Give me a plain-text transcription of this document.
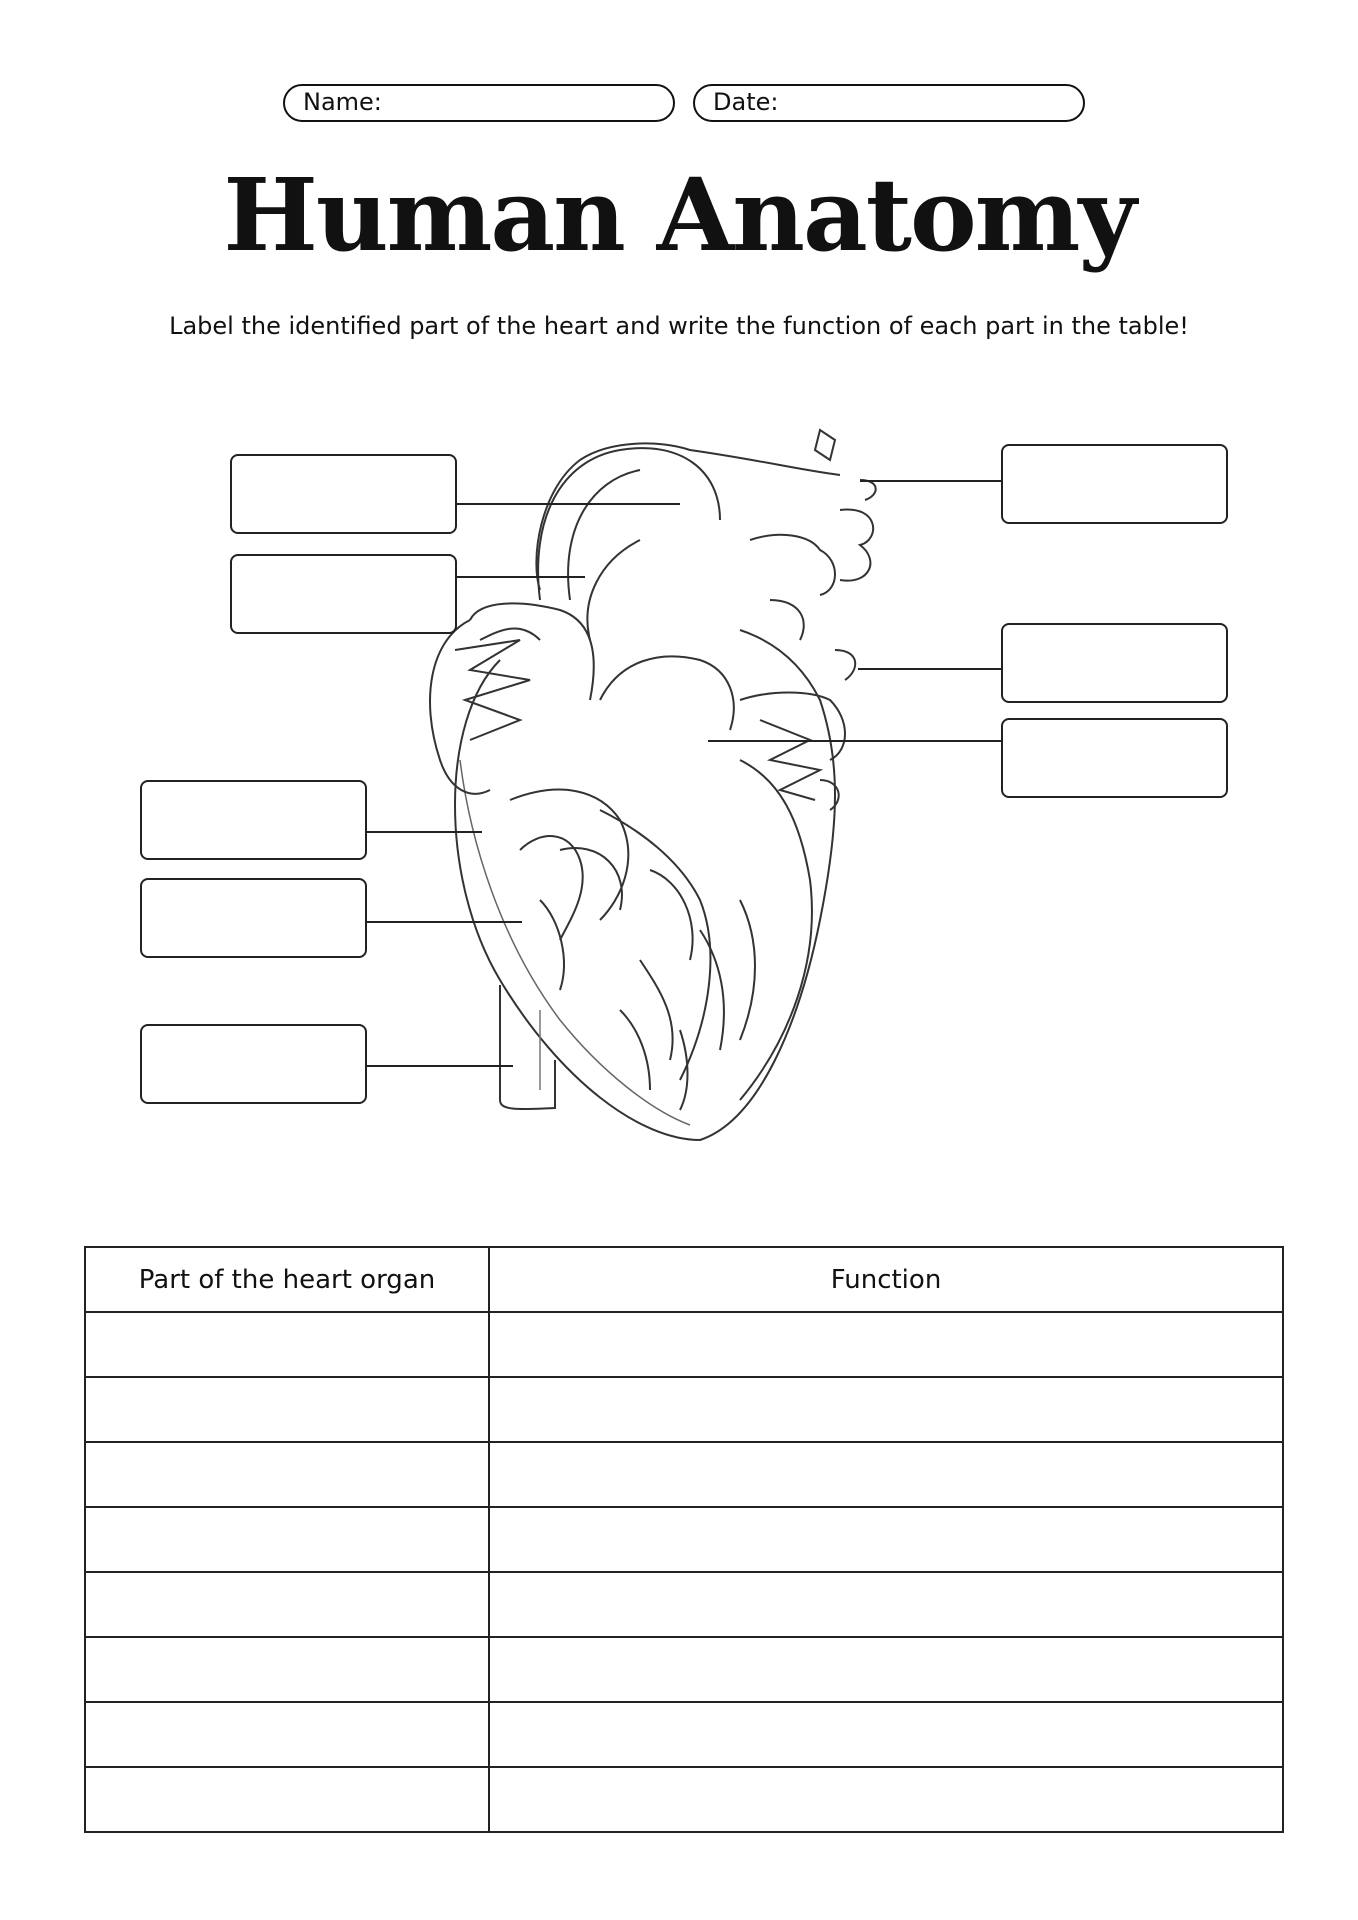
Name:	Date:
Human Anatomy
Label the identified part of the heart and write the function of each part in the table!
Part of the heart organ	Function
